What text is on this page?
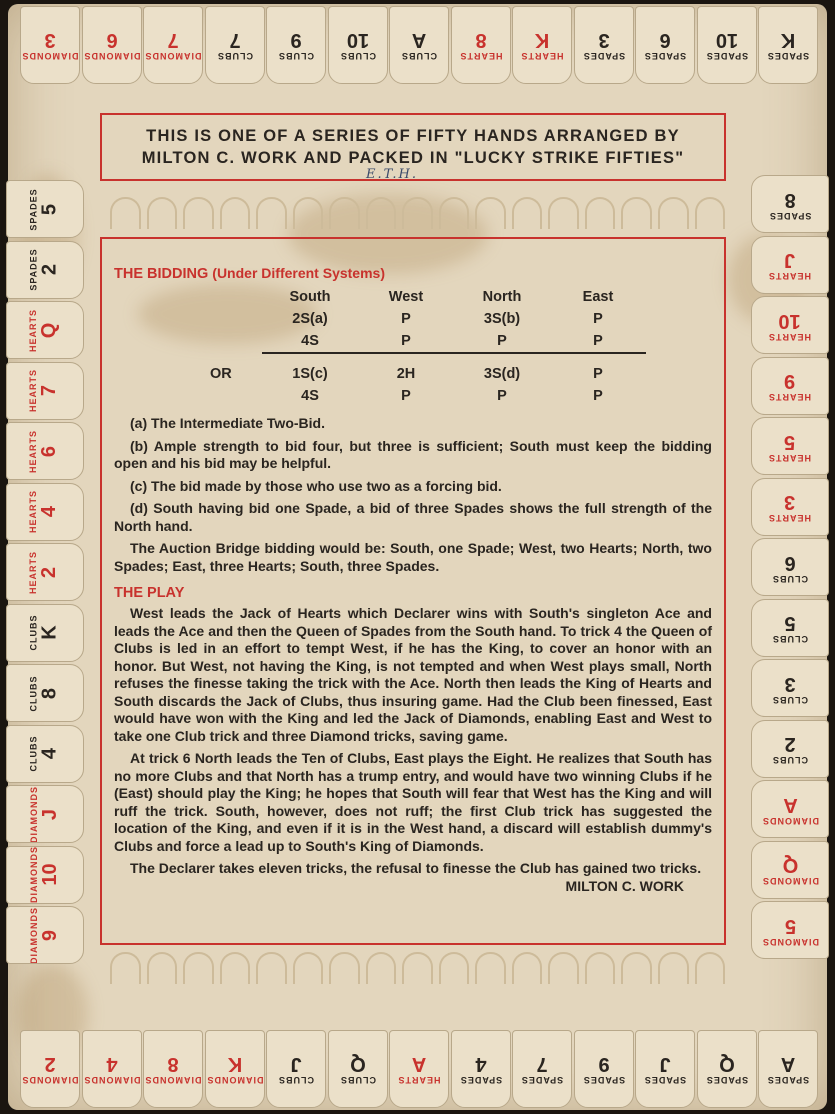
DIAMONDS
3
DIAMONDS
6
DIAMONDS
7
CLUBS
7
CLUBS
9
CLUBS
10
CLUBS
A
HEARTS
8
HEARTS
K
SPADES
3
SPADES
6
SPADES
10
SPADES
K
DIAMONDS
2
DIAMONDS
4
DIAMONDS
8
DIAMONDS
K
CLUBS
J
CLUBS
Q
HEARTS
A
SPADES
4
SPADES
7
SPADES
9
SPADES
J
SPADES
Q
SPADES
A
SPADES 5
SPADES 2
HEARTS Q
HEARTS 7
HEARTS 6
HEARTS 4
HEARTS 2
CLUBS K
CLUBS 8
CLUBS 4
DIAMONDS J
DIAMONDS 10
DIAMONDS 9
SPADES
8
HEARTS
J
HEARTS
10
HEARTS
9
HEARTS
5
HEARTS
3
CLUBS
6
CLUBS
5
CLUBS
3
CLUBS
2
DIAMONDS
A
DIAMONDS
Q
DIAMONDS
5
THIS IS ONE OF A SERIES OF FIFTY HANDS ARRANGED BY
MILTON C. WORK AND PACKED IN "LUCKY STRIKE FIFTIES"
E.T.H.
THE BIDDING (Under Different Systems)
	South	West	North	East
	2S(a)	P	3S(b)	P
	4S	P	P	P
OR	1S(c)	2H	3S(d)	P
	4S	P	P	P

(a) The Intermediate Two-Bid.

(b) Ample strength to bid four, but three is sufficient; South must keep the bidding open and his bid may be helpful.

(c) The bid made by those who use two as a forcing bid.

(d) South having bid one Spade, a bid of three Spades shows the full strength of the North hand.

The Auction Bridge bidding would be: South, one Spade; West, two Hearts; North, two Spades; East, three Hearts; South, three Spades.

THE PLAY

West leads the Jack of Hearts which Declarer wins with South's singleton Ace and leads the Ace and then the Queen of Spades from the South hand. To trick 4 the Queen of Clubs is led in an effort to tempt West, if he has the King, to cover an honor with an honor. But West, not having the King, is not tempted and when West plays small, North refuses the finesse taking the trick with the Ace. North then leads the King of Hearts and South discards the Jack of Clubs, thus insuring game. Had the Club been finessed, East would have won with the King and led the Jack of Diamonds, enabling East and West to take one Club trick and three Diamond tricks, saving game.

At trick 6 North leads the Ten of Clubs, East plays the Eight. He realizes that South has no more Clubs and that North has a trump entry, and would have two winning Clubs if he (East) should play the King; he hopes that South will fear that West has the King and will ruff the trick. South, however, does not ruff; the first Club trick has suggested the location of the King, and even if it is in the West hand, a discard will establish dummy's Clubs and force a lead up to South's King of Diamonds.

The Declarer takes eleven tricks, the refusal to finesse the Club has gained two tricks.
MILTON C. WORK
